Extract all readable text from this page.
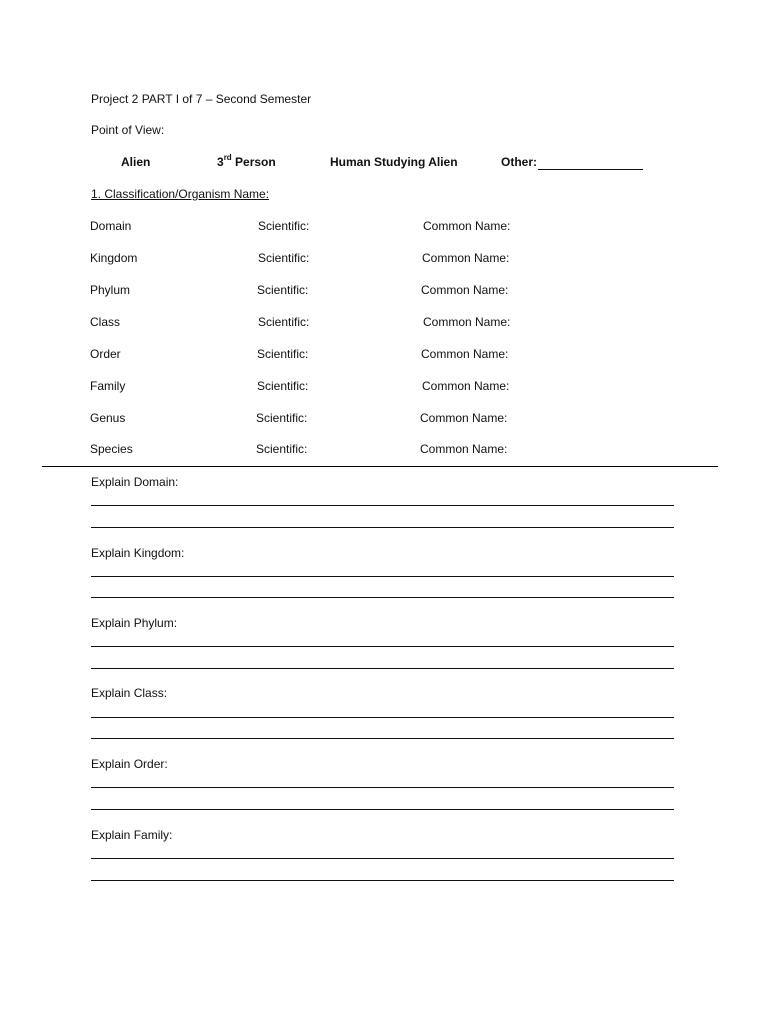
Project 2 PART I of 7 – Second Semester
Point of View:
Alien	3rd Person	Human Studying Alien	Other:
1. Classification/Organism Name:
Domain	Scientific:	Common Name:
Kingdom	Scientific:	Common Name:
Phylum	Scientific:	Common Name:
Class	Scientific:	Common Name:
Order	Scientific:	Common Name:
Family	Scientific:	Common Name:
Genus	Scientific:	Common Name:
Species	Scientific:	Common Name:
Explain Domain:
Explain Kingdom:
Explain Phylum:
Explain Class:
Explain Order:
Explain Family:
